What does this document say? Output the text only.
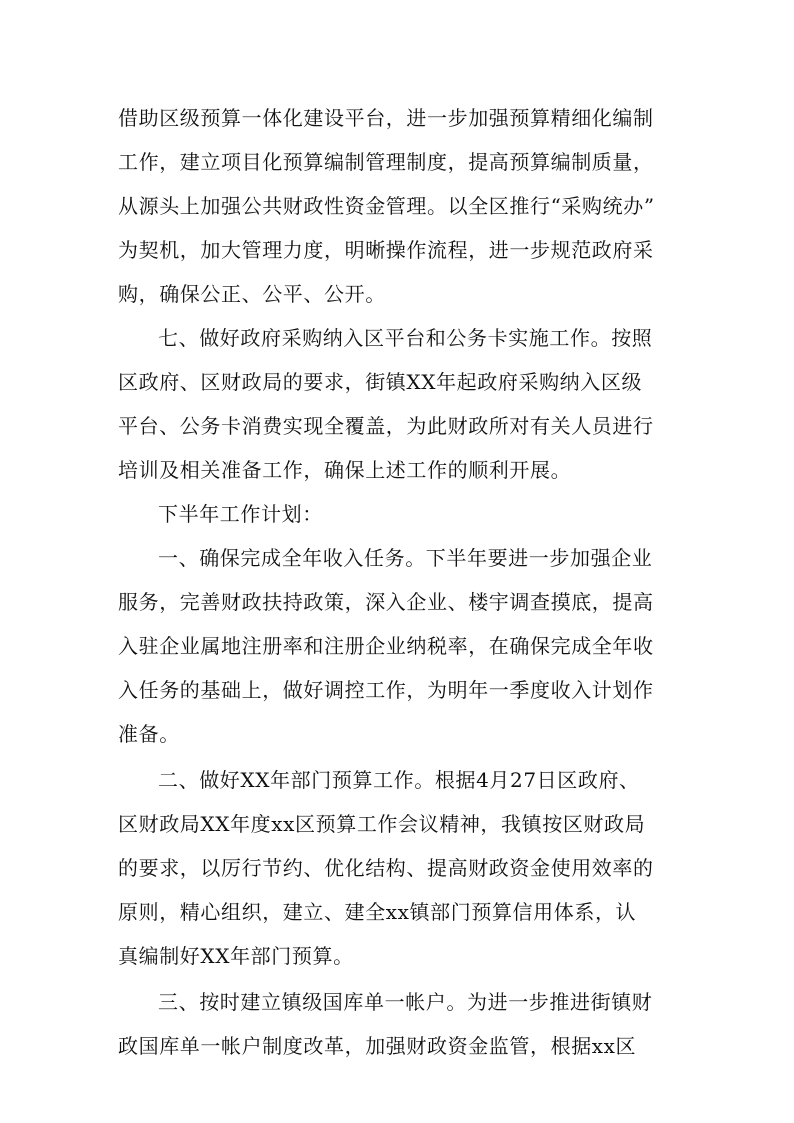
借助区级预算一体化建设平台，进一步加强预算精细化编制
工作，建立项目化预算编制管理制度，提高预算编制质量，
从源头上加强公共财政性资金管理。以全区推行“采购统办”
为契机，加大管理力度，明晰操作流程，进一步规范政府采
购，确保公正、公平、公开。
七、做好政府采购纳入区平台和公务卡实施工作。按照
区政府、区财政局的要求，街镇XX年起政府采购纳入区级
平台、公务卡消费实现全覆盖，为此财政所对有关人员进行
培训及相关准备工作，确保上述工作的顺利开展。
下半年工作计划：
一、确保完成全年收入任务。下半年要进一步加强企业
服务，完善财政扶持政策，深入企业、楼宇调查摸底，提高
入驻企业属地注册率和注册企业纳税率，在确保完成全年收
入任务的基础上，做好调控工作，为明年一季度收入计划作
准备。
二、做好XX年部门预算工作。根据4月27日区政府、
区财政局XX年度xx区预算工作会议精神，我镇按区财政局
的要求，以厉行节约、优化结构、提高财政资金使用效率的
原则，精心组织，建立、建全xx镇部门预算信用体系，认
真编制好XX年部门预算。
三、按时建立镇级国库单一帐户。为进一步推进街镇财
政国库单一帐户制度改革，加强财政资金监管，根据xx区
